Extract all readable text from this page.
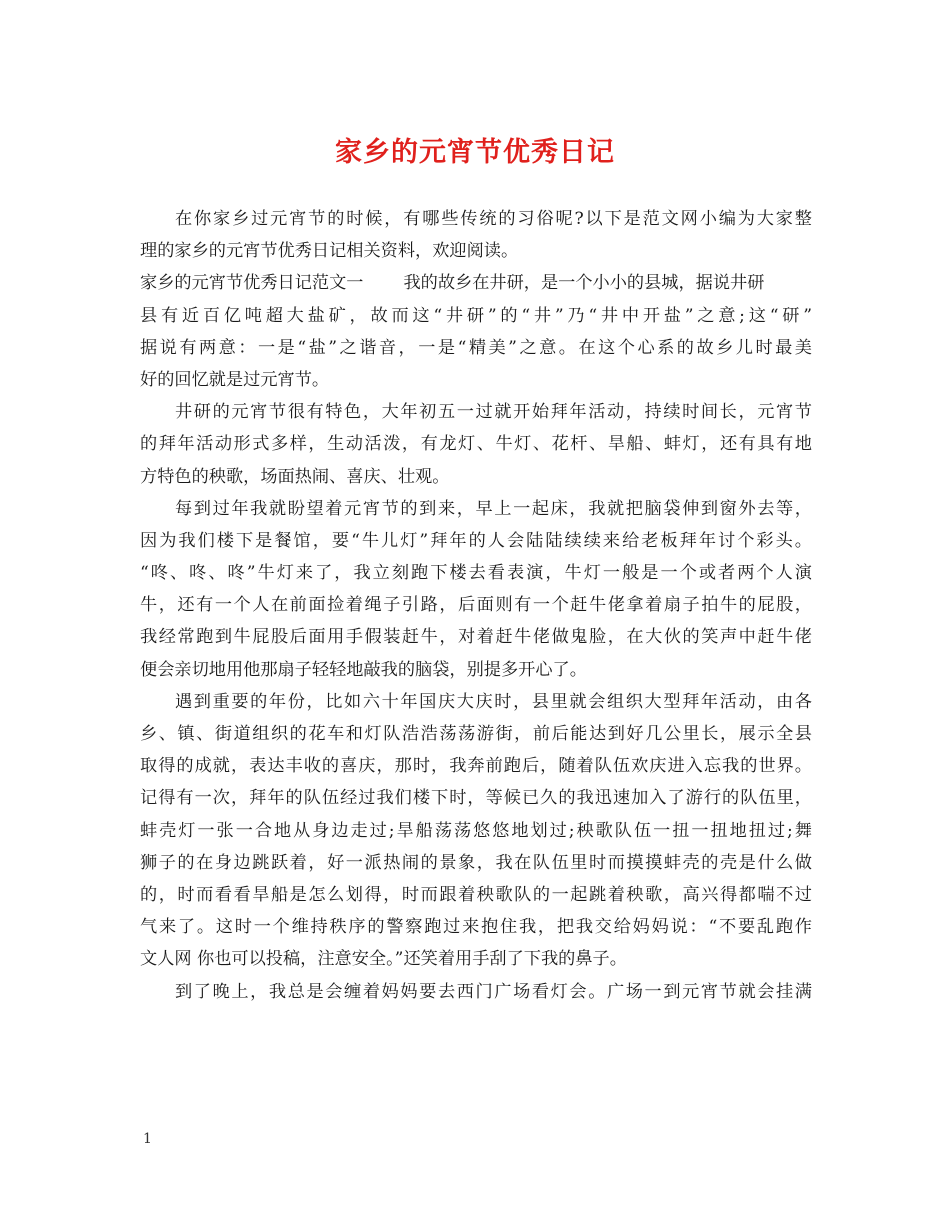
家乡的元宵节优秀日记
在你家乡过元宵节的时候，有哪些传统的习俗呢?以下是范文网小编为大家整
理的家乡的元宵节优秀日记相关资料，欢迎阅读。
家乡的元宵节优秀日记范文一 我的故乡在井研，是一个小小的县城，据说井研
县有近百亿吨超大盐矿，故而这“井研”的“井”乃“井中开盐”之意;这“研”
据说有两意：一是“盐”之谐音，一是“精美”之意。在这个心系的故乡儿时最美
好的回忆就是过元宵节。
井研的元宵节很有特色，大年初五一过就开始拜年活动，持续时间长，元宵节
的拜年活动形式多样，生动活泼，有龙灯、牛灯、花杆、旱船、蚌灯，还有具有地
方特色的秧歌，场面热闹、喜庆、壮观。
每到过年我就盼望着元宵节的到来，早上一起床，我就把脑袋伸到窗外去等，
因为我们楼下是餐馆，要“牛儿灯”拜年的人会陆陆续续来给老板拜年讨个彩头。
“咚、咚、咚”牛灯来了，我立刻跑下楼去看表演，牛灯一般是一个或者两个人演
牛，还有一个人在前面捡着绳子引路，后面则有一个赶牛佬拿着扇子拍牛的屁股，
我经常跑到牛屁股后面用手假装赶牛，对着赶牛佬做鬼脸，在大伙的笑声中赶牛佬
便会亲切地用他那扇子轻轻地敲我的脑袋，别提多开心了。
遇到重要的年份，比如六十年国庆大庆时，县里就会组织大型拜年活动，由各
乡、镇、街道组织的花车和灯队浩浩荡荡游街，前后能达到好几公里长，展示全县
取得的成就，表达丰收的喜庆，那时，我奔前跑后，随着队伍欢庆进入忘我的世界。
记得有一次，拜年的队伍经过我们楼下时，等候已久的我迅速加入了游行的队伍里，
蚌壳灯一张一合地从身边走过;旱船荡荡悠悠地划过;秧歌队伍一扭一扭地扭过;舞
狮子的在身边跳跃着，好一派热闹的景象，我在队伍里时而摸摸蚌壳的壳是什么做
的，时而看看旱船是怎么划得，时而跟着秧歌队的一起跳着秧歌，高兴得都喘不过
气来了。这时一个维持秩序的警察跑过来抱住我，把我交给妈妈说：“不要乱跑作
文人网 你也可以投稿，注意安全。”还笑着用手刮了下我的鼻子。
到了晚上，我总是会缠着妈妈要去西门广场看灯会。广场一到元宵节就会挂满
1
